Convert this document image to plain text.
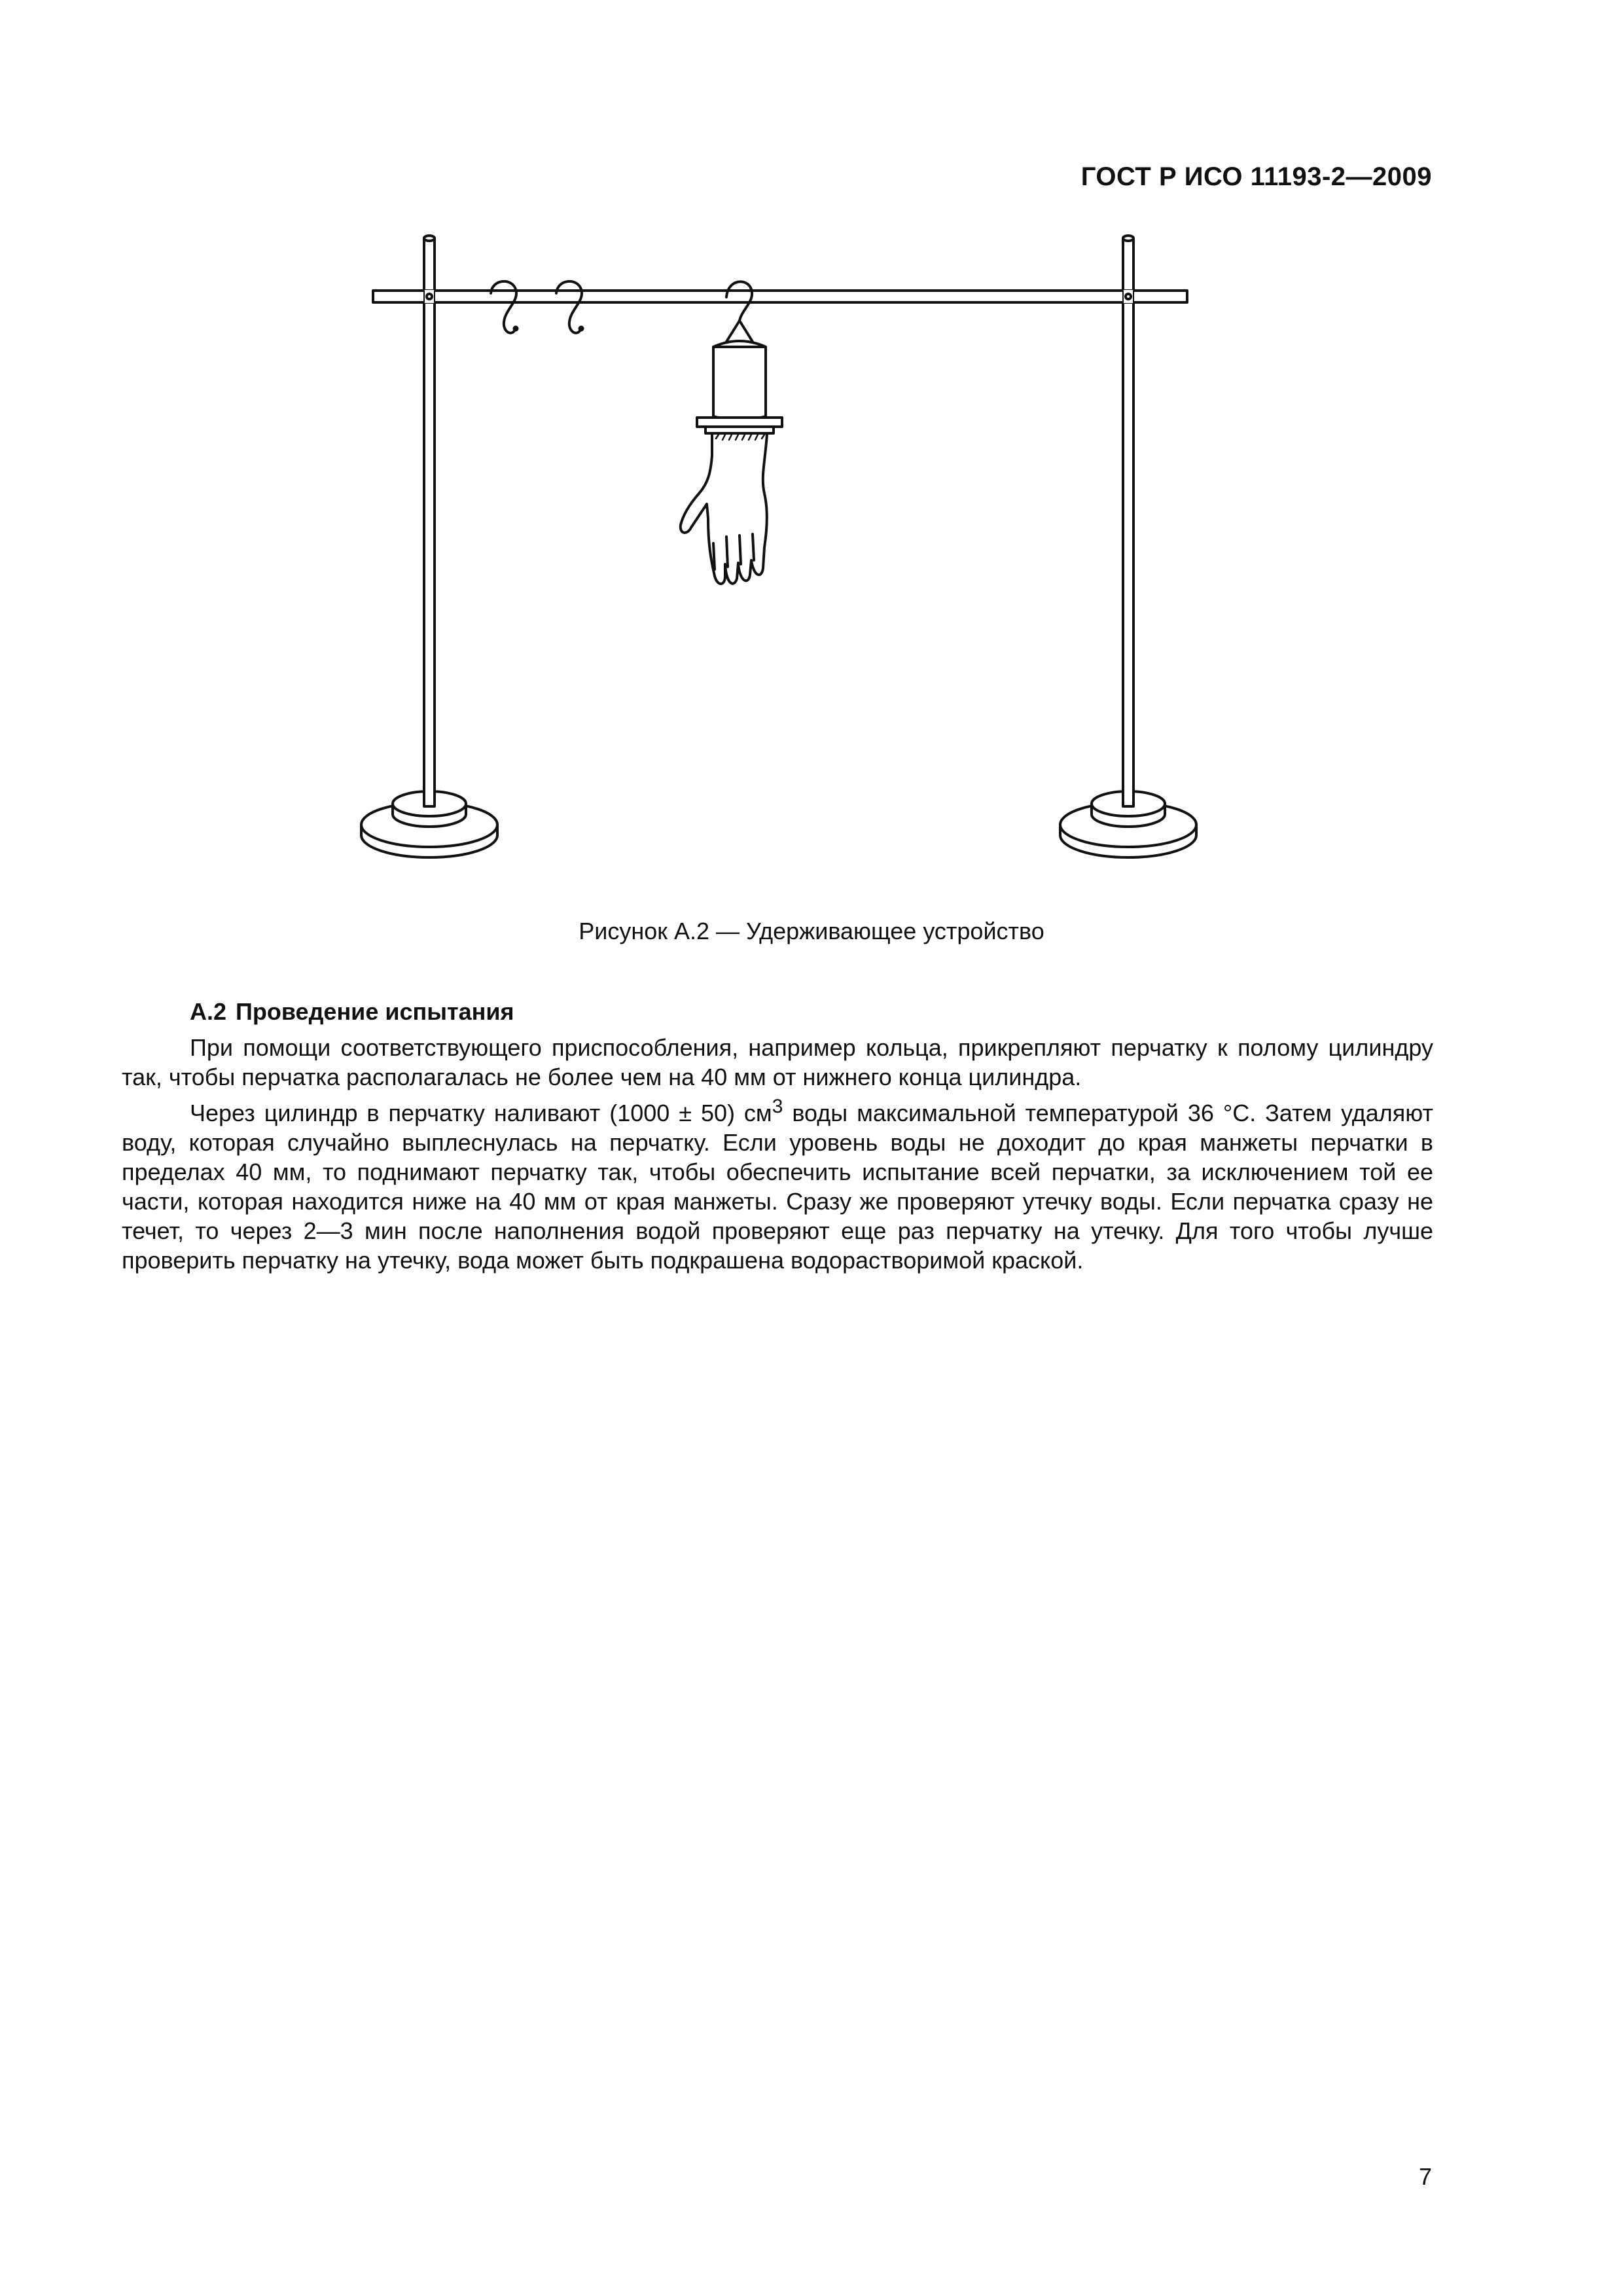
ГОСТ Р ИСО 11193-2—2009
Рисунок А.2 — Удерживающее устройство
А.2 Проведение испытания

При помощи соответствующего приспособления, например кольца, прикрепляют перчатку к полому цилиндру так, чтобы перчатка располагалась не более чем на 40 мм от нижнего конца цилиндра.

Через цилиндр в перчатку наливают (1000 ± 50) $см^3$ воды максимальной температурой 36 °С. Затем удаляют воду, которая случайно выплеснулась на перчатку. Если уровень воды не доходит до края манжеты перчатки в пределах 40 мм, то поднимают перчатку так, чтобы обеспечить испытание всей перчатки, за исключением той ее части, которая находится ниже на 40 мм от края манжеты. Сразу же проверяют утечку воды. Если перчатка сразу не течет, то через 2—3 мин после наполнения водой проверяют еще раз перчатку на утечку. Для того чтобы лучше проверить перчатку на утечку, вода может быть подкрашена водорастворимой краской.

7
